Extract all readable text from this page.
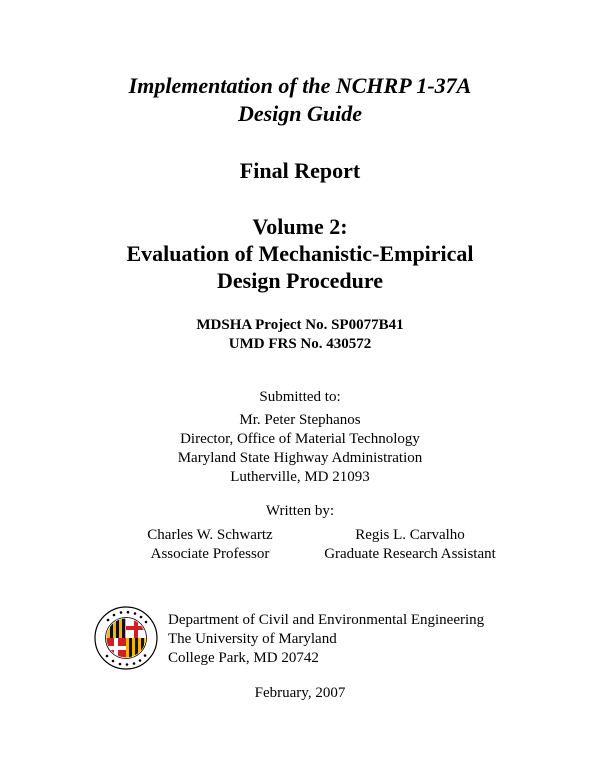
Implementation of the NCHRP 1-37A
Design Guide
Final Report
Volume 2:
Evaluation of Mechanistic-Empirical
Design Procedure
MDSHA Project No. SP0077B41
UMD FRS No. 430572
Submitted to:
Mr. Peter Stephanos
Director, Office of Material Technology
Maryland State Highway Administration
Lutherville, MD 21093
Written by:
Charles W. Schwartz
Associate Professor
Regis L. Carvalho
Graduate Research Assistant
Department of Civil and Environmental Engineering
The University of Maryland
College Park, MD 20742
February, 2007
